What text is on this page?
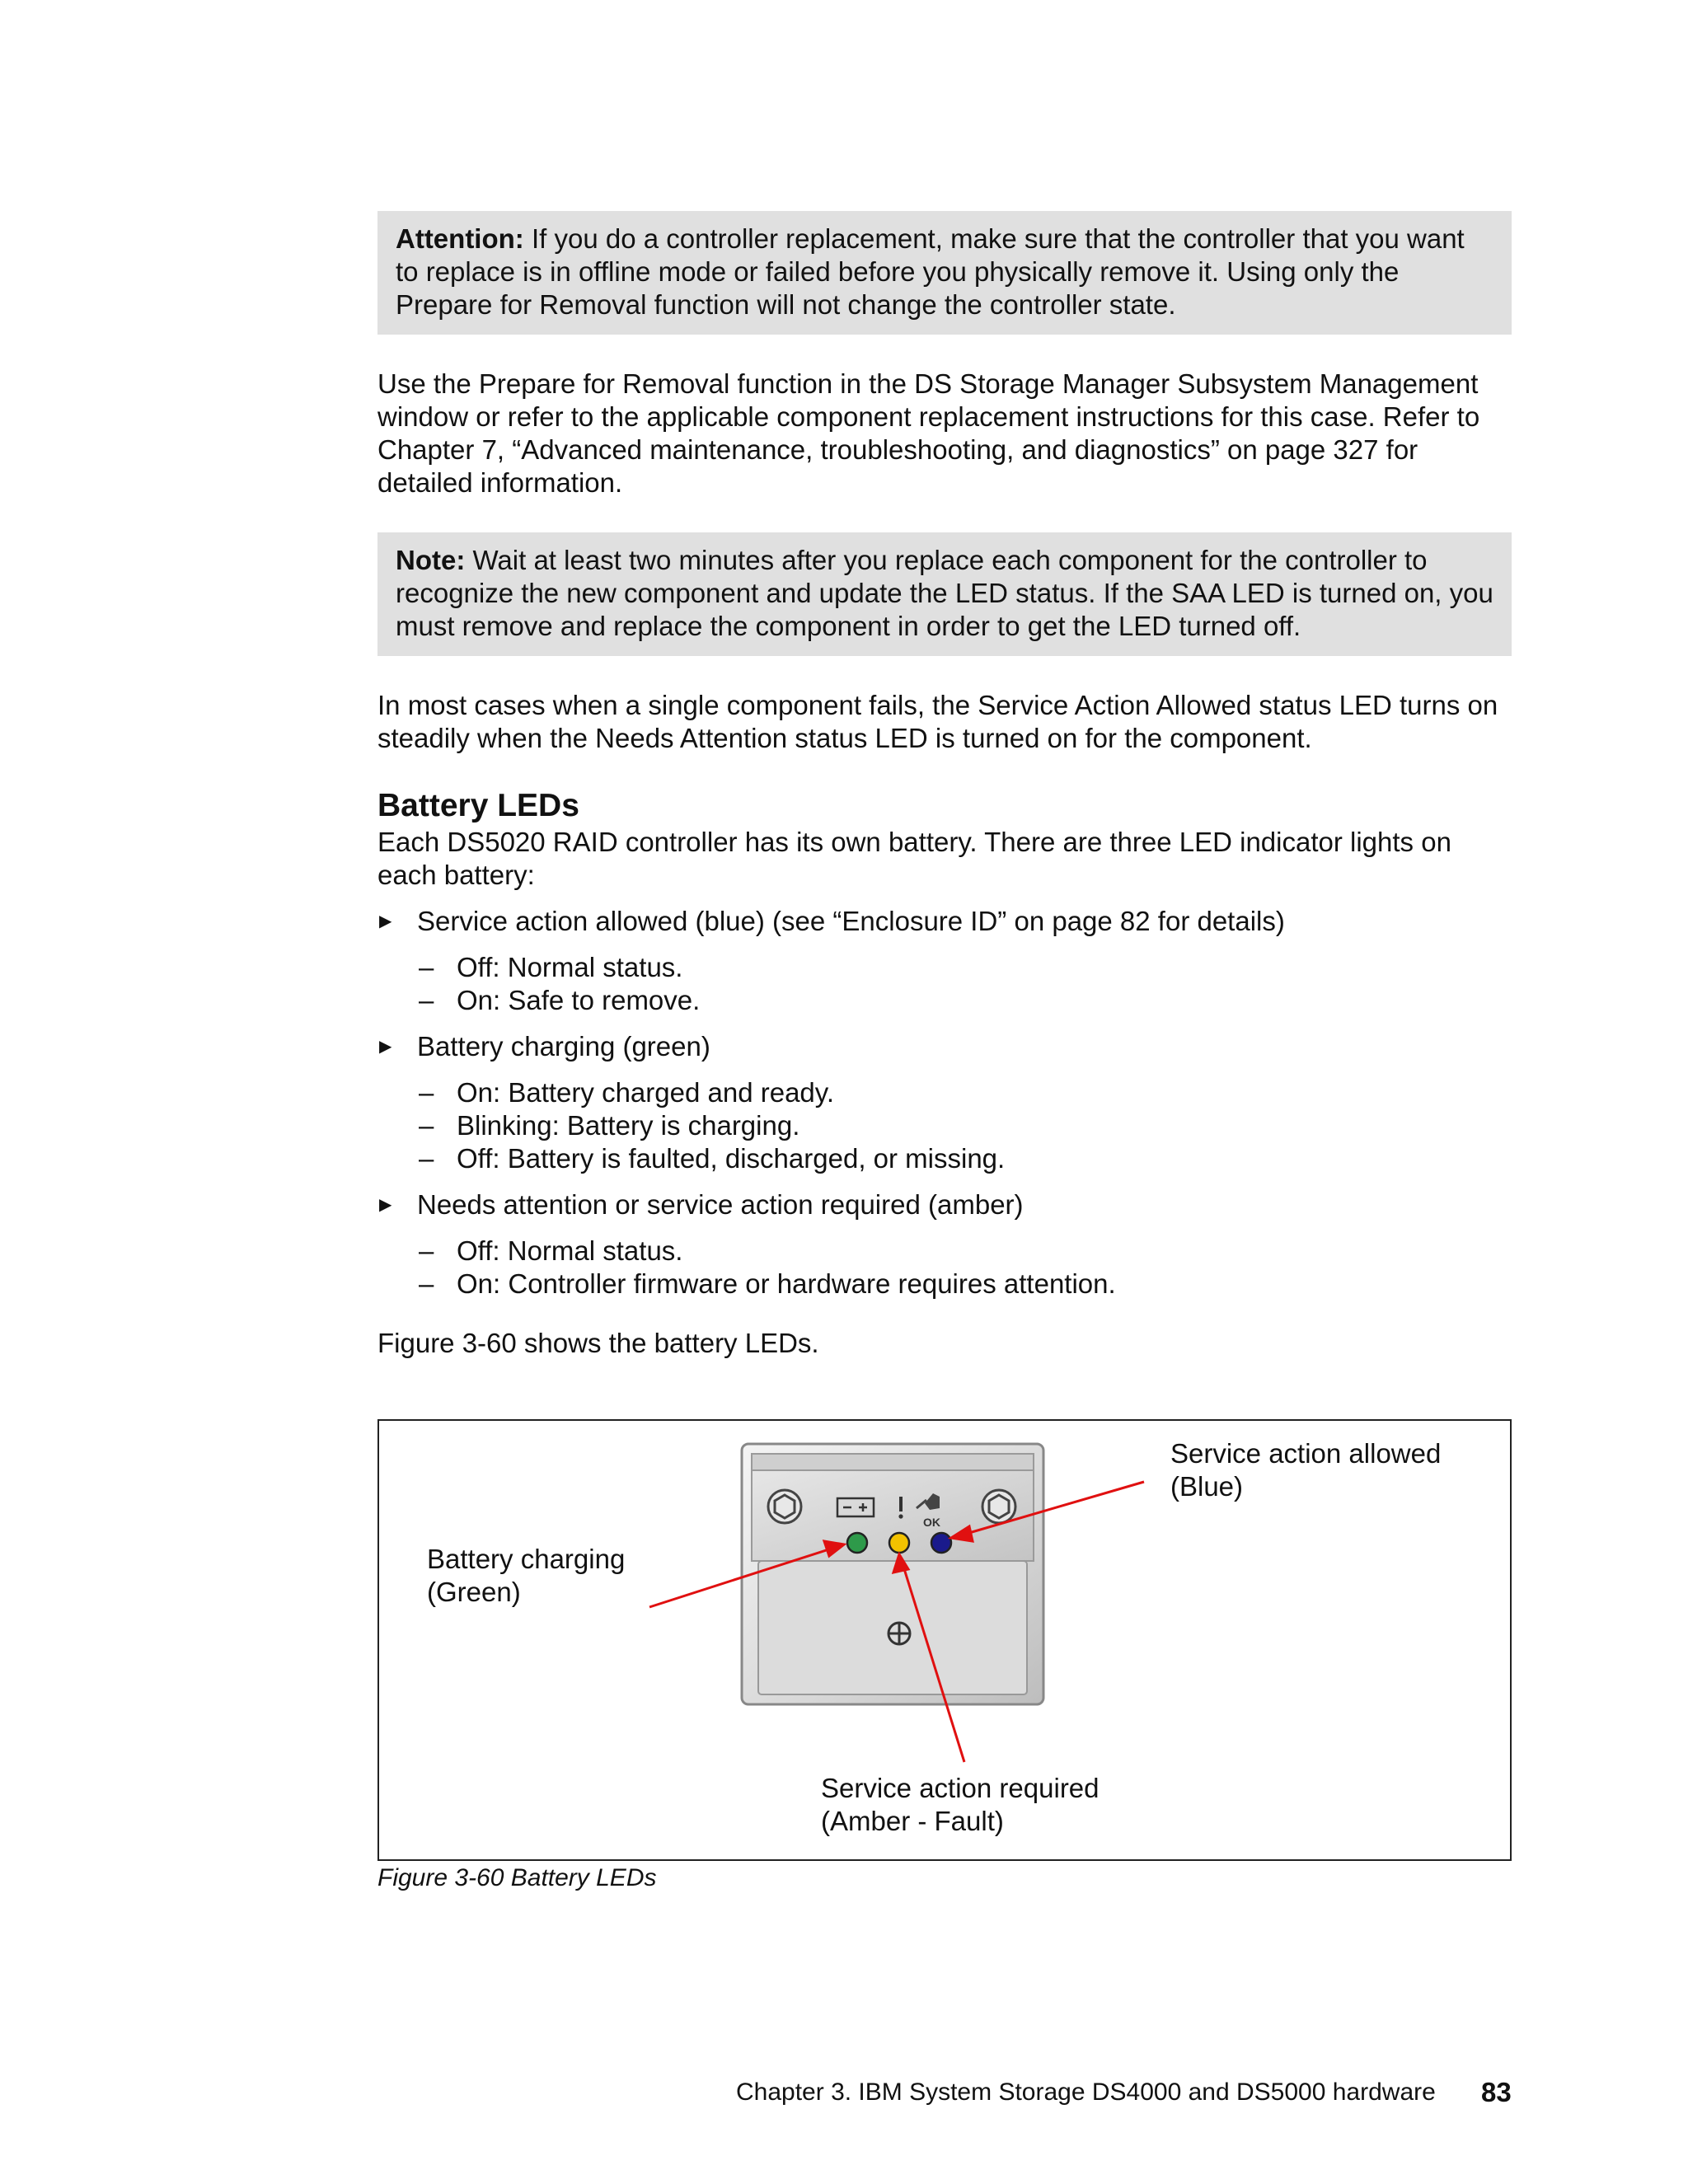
Attention: If you do a controller replacement, make sure that the controller that you want to replace is in offline mode or failed before you physically remove it. Using only the Prepare for Removal function will not change the controller state.

Use the Prepare for Removal function in the DS Storage Manager Subsystem Management window or refer to the applicable component replacement instructions for this case. Refer to Chapter 7, “Advanced maintenance, troubleshooting, and diagnostics” on page 327 for detailed information.

Note: Wait at least two minutes after you replace each component for the controller to recognize the new component and update the LED status. If the SAA LED is turned on, you must remove and replace the component in order to get the LED turned off.

In most cases when a single component fails, the Service Action Allowed status LED turns on steadily when the Needs Attention status LED is turned on for the component.

Battery LEDs

Each DS5020 RAID controller has its own battery. There are three LED indicator lights on each battery:

▶ Service action allowed (blue) (see “Enclosure ID” on page 82 for details)
– Off: Normal status.
– On: Safe to remove.
▶ Battery charging (green)
– On: Battery charged and ready.
– Blinking: Battery is charging.
– Off: Battery is faulted, discharged, or missing.
▶ Needs attention or service action required (amber)
– Off: Normal status.
– On: Controller firmware or hardware requires attention.

Figure 3-60 shows the battery LEDs.

OK
Battery charging
(Green)
Service action allowed
(Blue)
Service action required
(Amber - Fault)
Figure 3-60 Battery LEDs
Chapter 3. IBM System Storage DS4000 and DS5000 hardware 83
